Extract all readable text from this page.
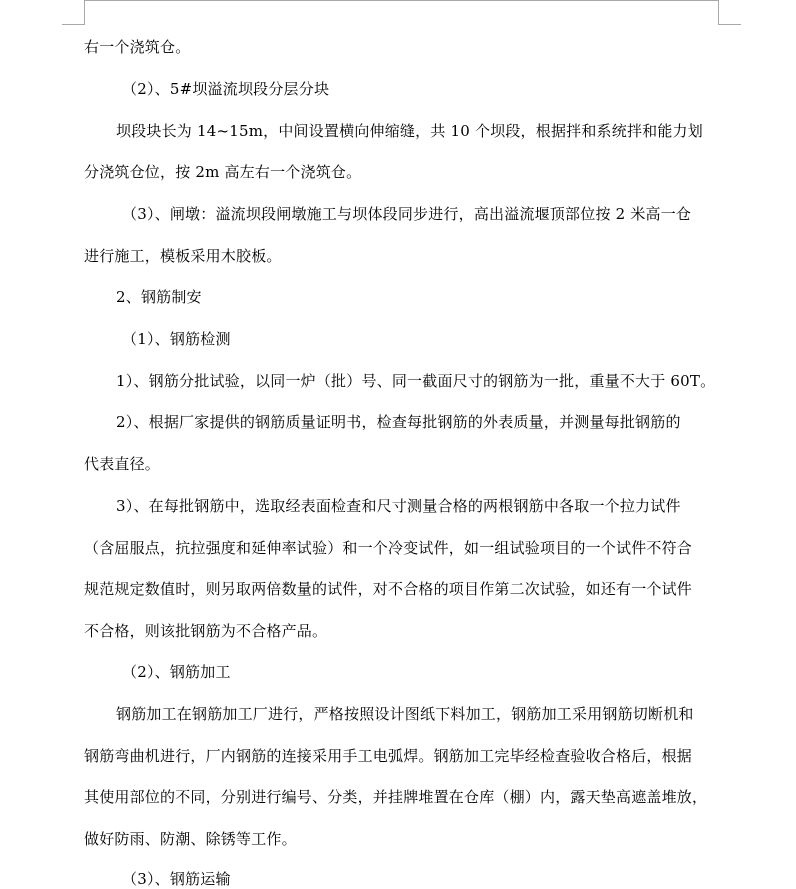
右一个浇筑仓。
（2）、5#坝溢流坝段分层分块
坝段块长为 14~15m，中间设置横向伸缩缝，共 10 个坝段，根据拌和系统拌和能力划
分浇筑仓位，按 2m 高左右一个浇筑仓。
（3）、闸墩：溢流坝段闸墩施工与坝体段同步进行，高出溢流堰顶部位按 2 米高一仓
进行施工，模板采用木胶板。
2、钢筋制安
（1）、钢筋检测
1）、钢筋分批试验，以同一炉（批）号、同一截面尺寸的钢筋为一批，重量不大于 60T。
2）、根据厂家提供的钢筋质量证明书，检查每批钢筋的外表质量，并测量每批钢筋的
代表直径。
3）、在每批钢筋中，选取经表面检查和尺寸测量合格的两根钢筋中各取一个拉力试件
（含屈服点，抗拉强度和延伸率试验）和一个冷变试件，如一组试验项目的一个试件不符合
规范规定数值时，则另取两倍数量的试件，对不合格的项目作第二次试验，如还有一个试件
不合格，则该批钢筋为不合格产品。
（2）、钢筋加工
钢筋加工在钢筋加工厂进行，严格按照设计图纸下料加工，钢筋加工采用钢筋切断机和
钢筋弯曲机进行，厂内钢筋的连接采用手工电弧焊。钢筋加工完毕经检查验收合格后，根据
其使用部位的不同，分别进行编号、分类，并挂牌堆置在仓库（棚）内，露天垫高遮盖堆放，
做好防雨、防潮、除锈等工作。
（3）、钢筋运输
